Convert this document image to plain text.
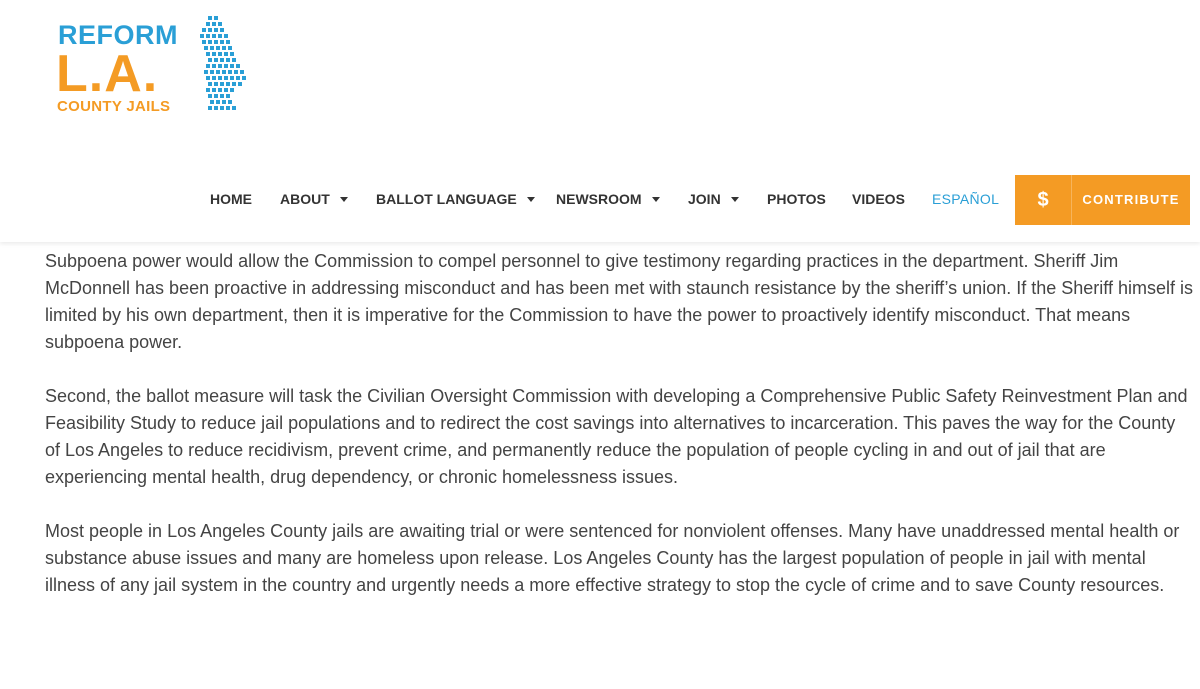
REFORM
L.A.
COUNTY JAILS
HOME ABOUT	BALLOT LANGUAGE	NEWSROOM	JOIN	PHOTOS VIDEOS ESPAÑOL	$	CONTRIBUTE

Subpoena power would allow the Commission to compel personnel to give testimony regarding practices in the department. Sheriff Jim McDonnell has been proactive in addressing misconduct and has been met with staunch resistance by the sheriff’s union. If the Sheriff himself is limited by his own department, then it is imperative for the Commission to have the power to proactively identify misconduct. That means subpoena power.

Second, the ballot measure will task the Civilian Oversight Commission with developing a Comprehensive Public Safety Reinvestment Plan and Feasibility Study to reduce jail populations and to redirect the cost savings into alternatives to incarceration. This paves the way for the County of Los Angeles to reduce recidivism, prevent crime, and permanently reduce the population of people cycling in and out of jail that are experiencing mental health, drug dependency, or chronic homelessness issues.

Most people in Los Angeles County jails are awaiting trial or were sentenced for nonviolent offenses. Many have unaddressed mental health or substance abuse issues and many are homeless upon release. Los Angeles County has the largest population of people in jail with mental illness of any jail system in the country and urgently needs a more effective strategy to stop the cycle of crime and to save County resources.
